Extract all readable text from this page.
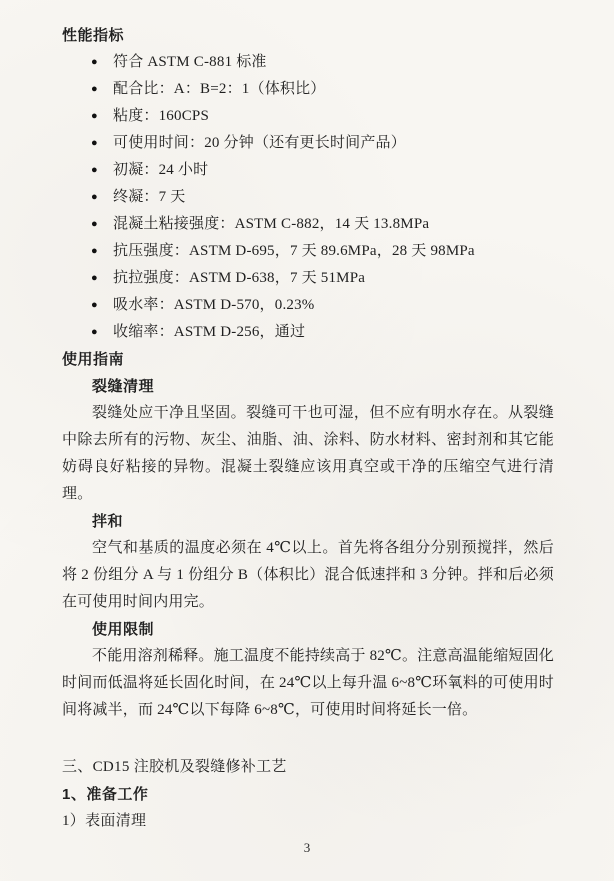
性能指标
● 符合 ASTM C-881 标准
● 配合比：A：B=2：1（体积比）
● 粘度：160CPS
● 可使用时间：20 分钟（还有更长时间产品）
● 初凝：24 小时
● 终凝：7 天
● 混凝土粘接强度：ASTM C-882，14 天 13.8MPa
● 抗压强度：ASTM D-695，7 天 89.6MPa，28 天 98MPa
● 抗拉强度：ASTM D-638，7 天 51MPa
● 吸水率：ASTM D-570，0.23%
● 收缩率：ASTM D-256，通过
使用指南
裂缝清理

裂缝处应干净且坚固。裂缝可干也可湿，但不应有明水存在。从裂缝中除去所有的污物、灰尘、油脂、油、涂料、防水材料、密封剂和其它能妨碍良好粘接的异物。混凝土裂缝应该用真空或干净的压缩空气进行清理。

拌和

空气和基质的温度必须在 4℃以上。首先将各组分分别预搅拌，然后将 2 份组分 A 与 1 份组分 B（体积比）混合低速拌和 3 分钟。拌和后必须在可使用时间内用完。

使用限制

不能用溶剂稀释。施工温度不能持续高于 82℃。注意高温能缩短固化时间而低温将延长固化时间，在 24℃以上每升温 6~8℃环氧料的可使用时间将减半，而 24℃以下每降 6~8℃，可使用时间将延长一倍。

三、CD15 注胶机及裂缝修补工艺
1、准备工作
1）表面清理
3
